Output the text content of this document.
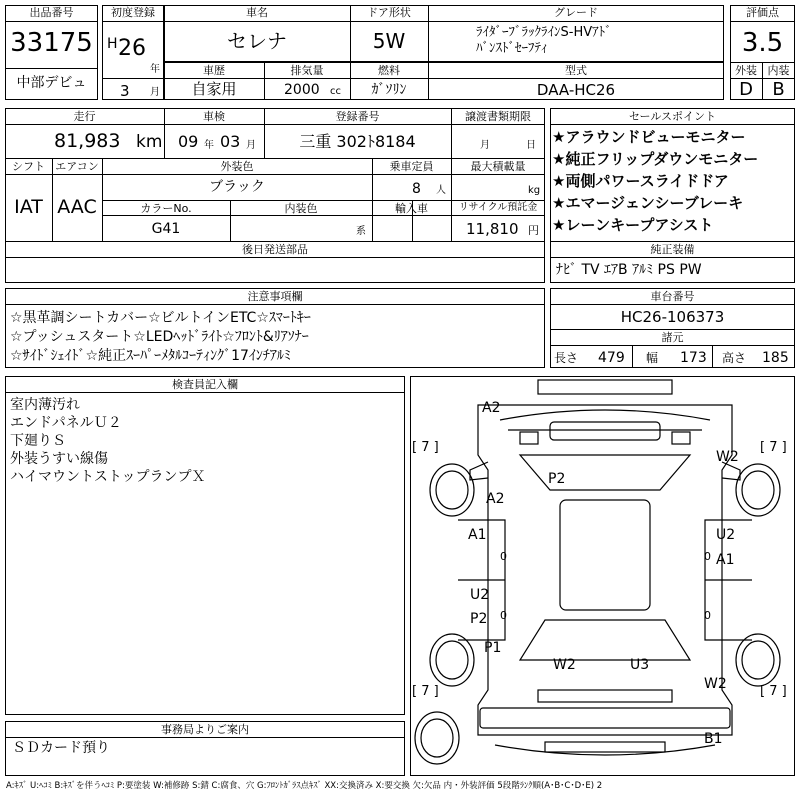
出品番号
33175
中部デビュ
初度登録
H 26
年
3 月
車名
セレナ
ドア形状
5W
グレード
ﾗｲﾀﾞｰﾌﾞﾗｯｸﾗｲﾝS-HVｱﾄﾞ
ﾊﾞﾝｽﾄﾞｾｰﾌﾃｨ
車歴
自家用
排気量
2000 cc
燃料
ｶﾞｿﾘﾝ
型式
DAA-HC26
評価点
3.5
外装 内装
D	B
走行
81,983 km
車検
09 年 03 月
登録番号
三重 302ﾄ8184
譲渡書類期限
月	日
シフト
IAT
エアコン
AAC
外装色
ブラック
乗車定員
8 人
最大積載量
kg
カラーNo.
G41
内装色
系
輸入車	リサイクル預託金
11,810 円
後日発送部品
セールスポイント
★アラウンドビューモニター
★純正フリップダウンモニター
★両側パワースライドドア
★エマージェンシーブレーキ
★レーンキープアシスト
純正装備
ﾅﾋﾞ TV ｴｱB ｱﾙﾐ PS PW
注意事項欄
☆黒革調シートカバー☆ビルトインETC☆ｽﾏｰﾄｷｰ
☆プッシュスタート☆LEDﾍｯﾄﾞﾗｲﾄ☆ﾌﾛﾝﾄ&ﾘｱｿﾅｰ
☆ｻｲﾄﾞｼｪｲﾄﾞ☆純正ｽｰﾊﾟｰﾒﾀﾙｺｰﾃｨﾝｸﾞ17ｲﾝﾁｱﾙﾐ
車台番号
HC26-106373
諸元
長さ 479 幅 173 高さ 185
検査員記入欄
室内薄汚れ
エンドパネルＵ２
下廻りＳ
外装うすい線傷
ハイマウントストップランプＸ
事務局よりご案内
ＳＤカード預り
[ 7 ]	[ 7 ]
[ 7 ]	[ 7 ]
A2
W2
P2
A2
A1	U2
A1
U2
P2
P1
W2	U3
W2
B1
0	0
0	0
A:ｷｽﾞ U:ﾍｺﾐ B:ｷｽﾞを伴うﾍｺﾐ P:要塗装 W:補修跡 S:錆 C:腐食、穴 G:ﾌﾛﾝﾄｶﾞﾗｽ点ｷｽﾞ XX:交換済み X:要交換 欠:欠品 内・外装評価 5段階ﾗﾝｸ順(A･B･C･D･E) 2
